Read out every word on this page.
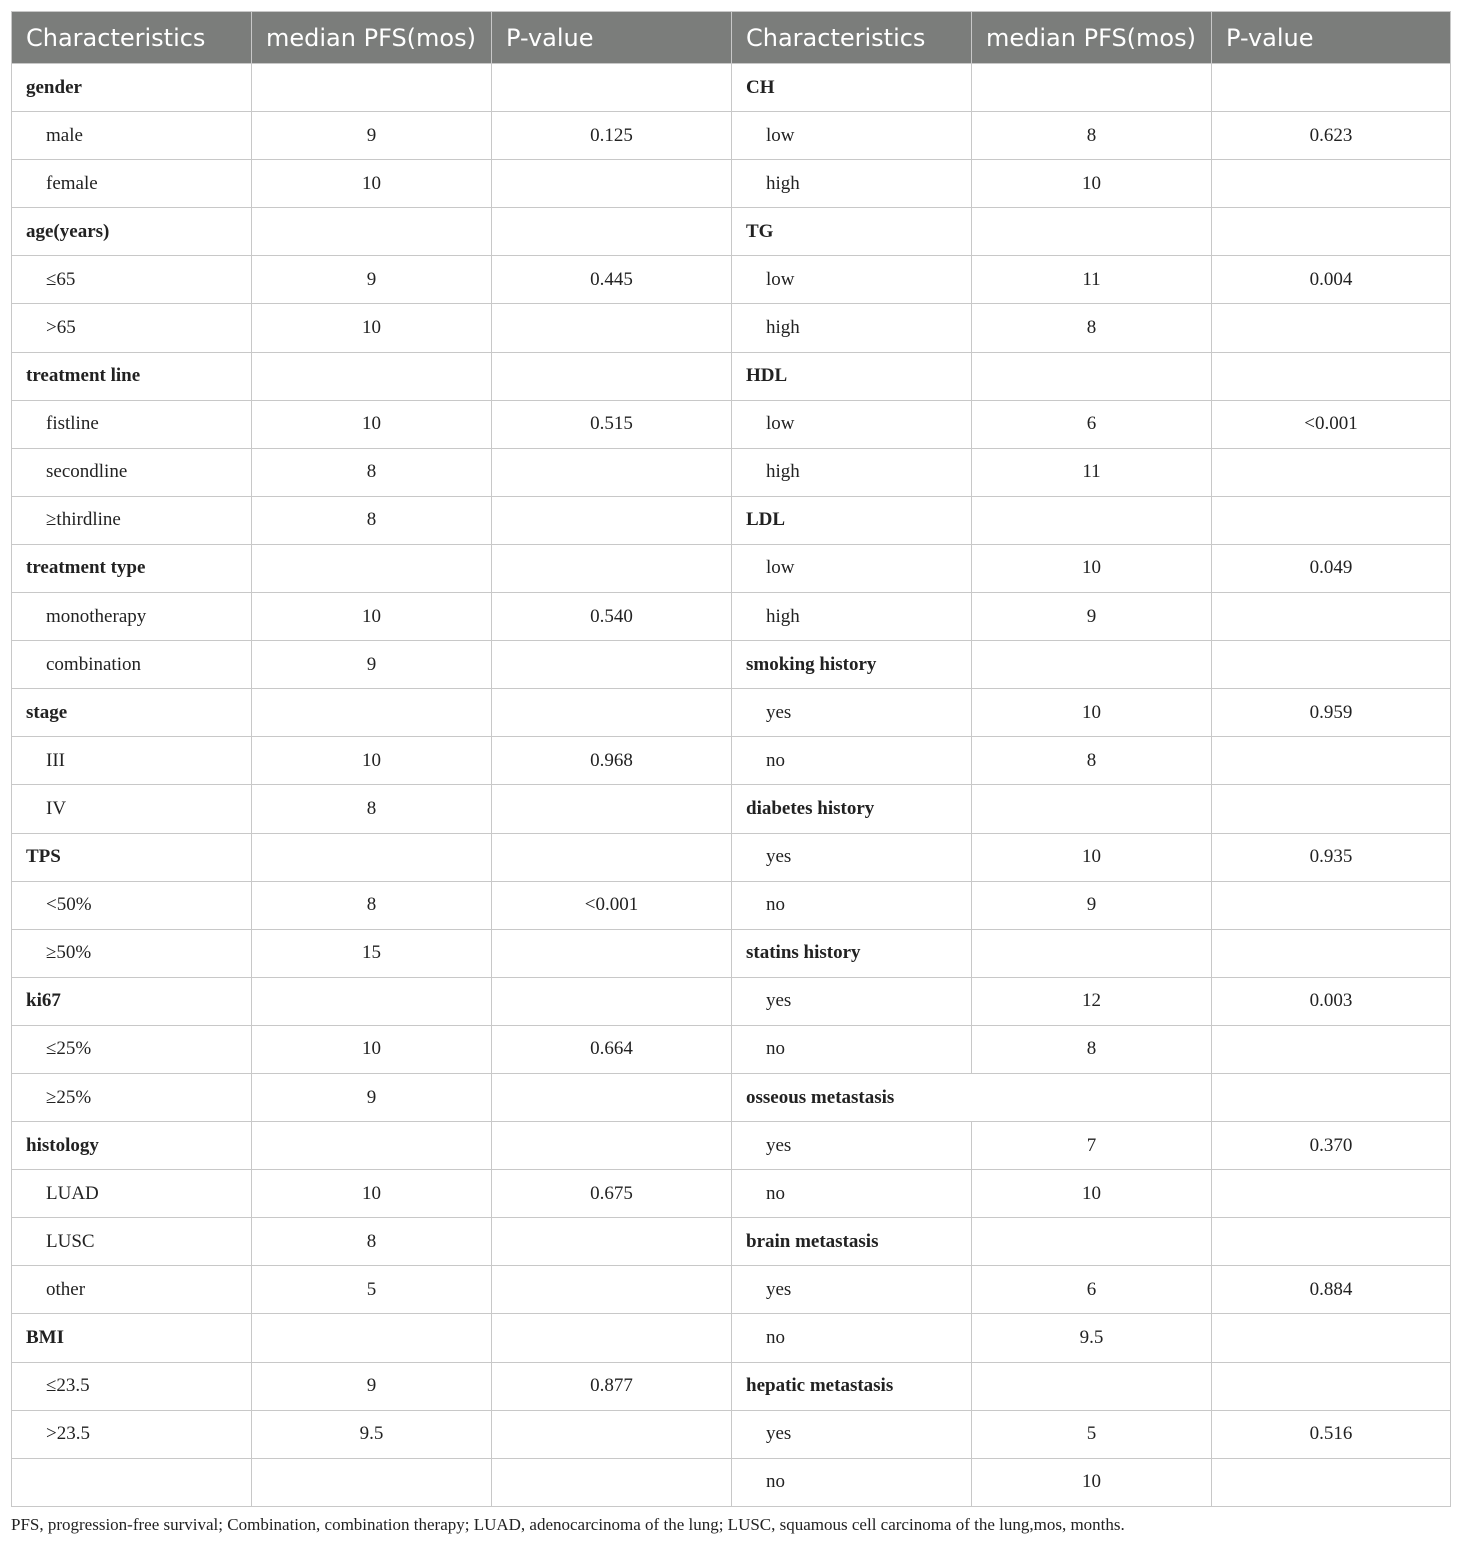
Characteristics	median PFS(mos)	P-value	Characteristics	median PFS(mos)	P-value
gender			CH		
male	9	0.125	low	8	0.623
female	10		high	10	
age(years)			TG		
≤65	9	0.445	low	11	0.004
>65	10		high	8	
treatment line			HDL		
fistline	10	0.515	low	6	<0.001
secondline	8		high	11	
≥thirdline	8		LDL		
treatment type			low	10	0.049
monotherapy	10	0.540	high	9	
combination	9		smoking history		
stage			yes	10	0.959
III	10	0.968	no	8	
IV	8		diabetes history		
TPS			yes	10	0.935
<50%	8	<0.001	no	9	
≥50%	15		statins history		
ki67			yes	12	0.003
≤25%	10	0.664	no	8	
≥25%	9		osseous metastasis		
histology			yes	7	0.370
LUAD	10	0.675	no	10	
LUSC	8		brain metastasis		
other	5		yes	6	0.884
BMI			no	9.5	
≤23.5	9	0.877	hepatic metastasis		
>23.5	9.5		yes	5	0.516
			no	10	
PFS, progression-free survival; Combination, combination therapy; LUAD, adenocarcinoma of the lung; LUSC, squamous cell carcinoma of the lung,mos, months.
